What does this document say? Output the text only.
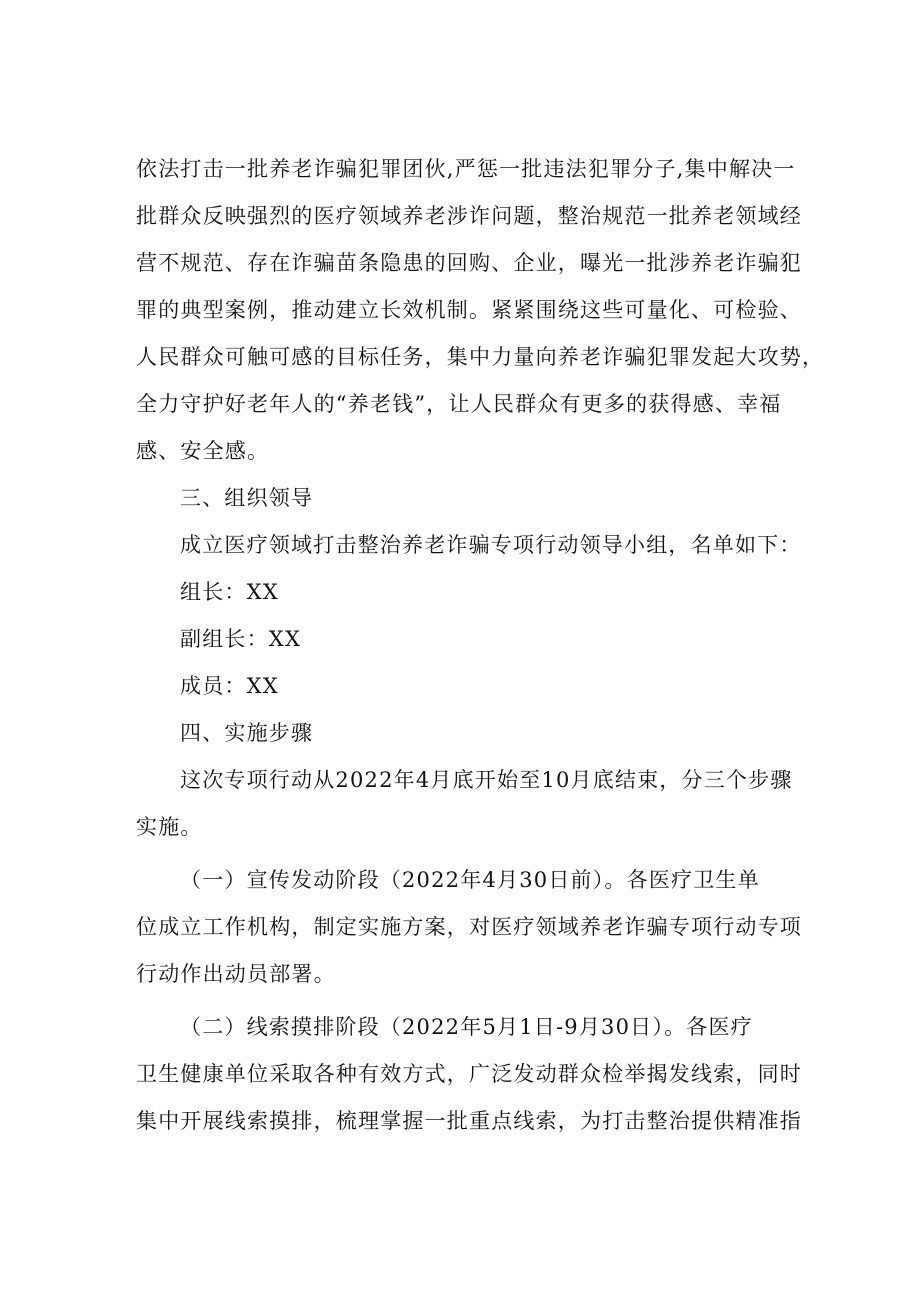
依法打击一批养老诈骗犯罪团伙,严惩一批违法犯罪分子,集中解决一
批群众反映强烈的医疗领域养老涉诈问题，整治规范一批养老领域经
营不规范、存在诈骗苗条隐患的回购、企业，曝光一批涉养老诈骗犯
罪的典型案例，推动建立长效机制。紧紧围绕这些可量化、可检验、
人民群众可触可感的目标任务，集中力量向养老诈骗犯罪发起大攻势，
全力守护好老年人的“养老钱”，让人民群众有更多的获得感、幸福
感、安全感。
三、组织领导
成立医疗领域打击整治养老诈骗专项行动领导小组，名单如下：
组长：XX
副组长：XX
成员：XX
四、实施步骤
这次专项行动从2022年4月底开始至10月底结束，分三个步骤
实施。
（一）宣传发动阶段（2022年4月30日前）。各医疗卫生单
位成立工作机构，制定实施方案，对医疗领域养老诈骗专项行动专项
行动作出动员部署。
（二）线索摸排阶段（2022年5月1日-9月30日）。各医疗
卫生健康单位采取各种有效方式，广泛发动群众检举揭发线索，同时
集中开展线索摸排，梳理掌握一批重点线索，为打击整治提供精准指
